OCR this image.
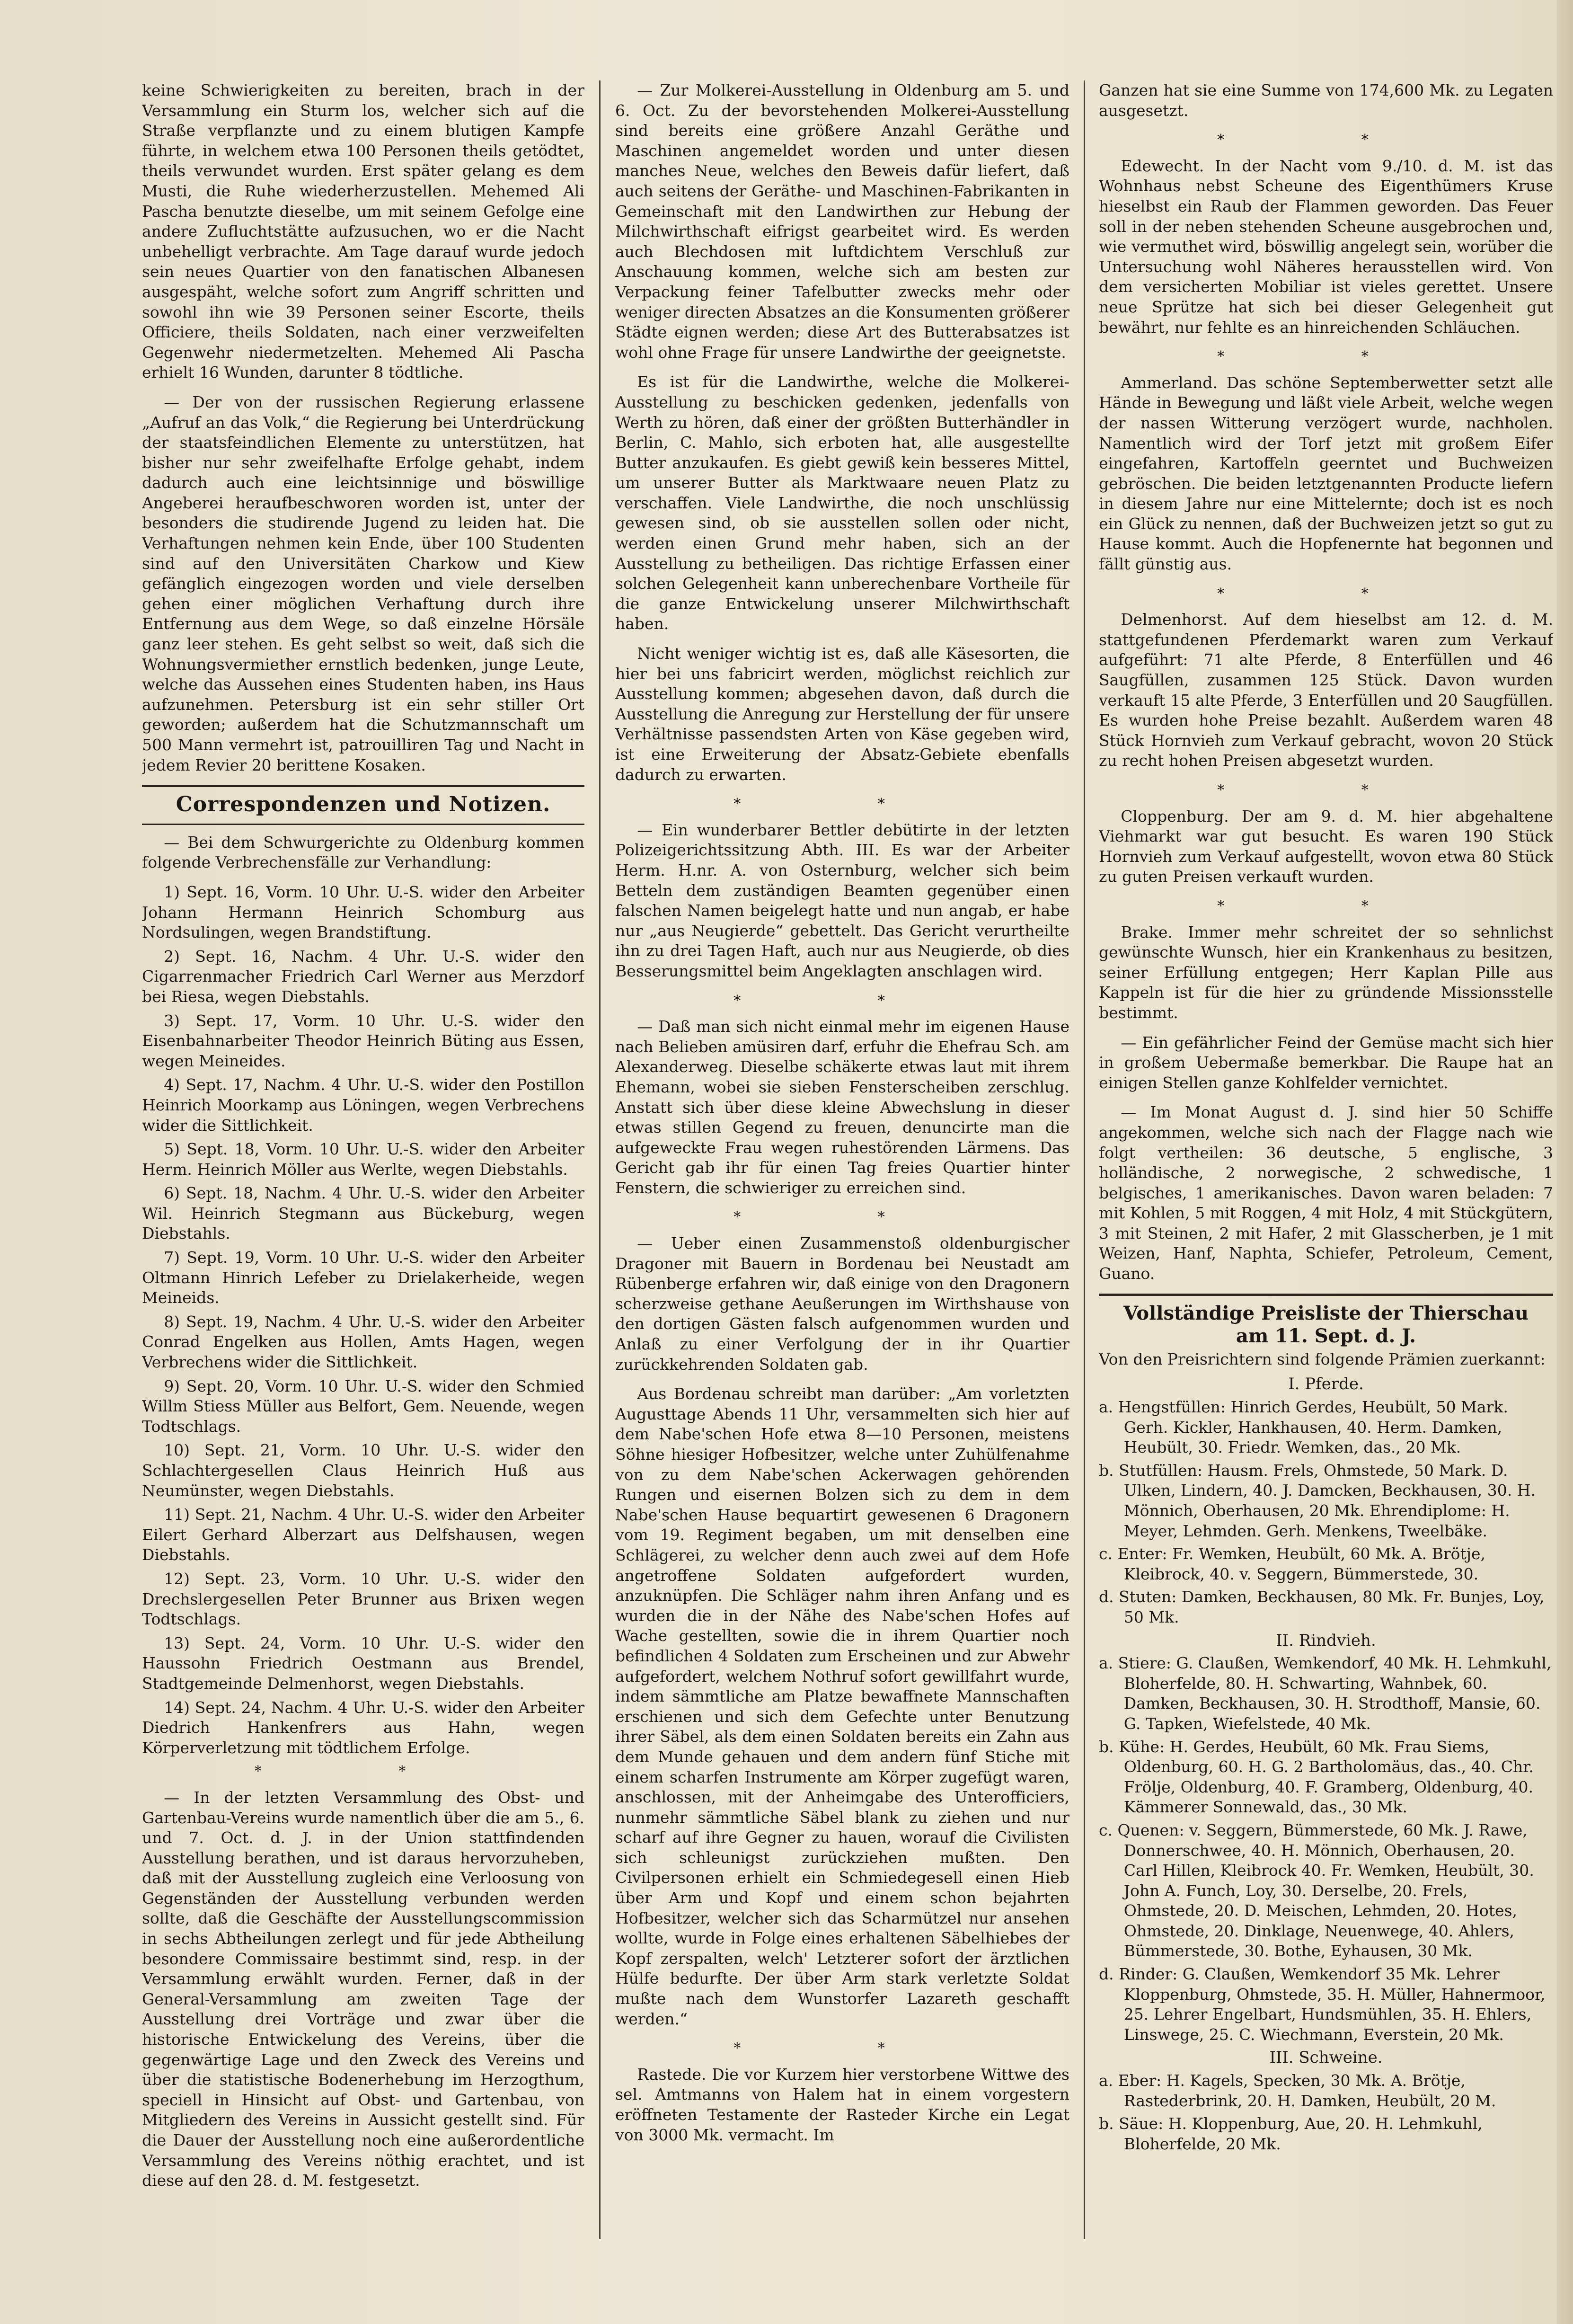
keine Schwierigkeiten zu bereiten, brach in der Versammlung ein Sturm los, welcher sich auf die Straße verpflanzte und zu einem blutigen Kampfe führte, in welchem etwa 100 Personen theils getödtet, theils verwundet wurden. Erst später gelang es dem Musti, die Ruhe wiederherzustellen. Mehemed Ali Pascha benutzte dieselbe, um mit seinem Gefolge eine andere Zufluchtstätte aufzusuchen, wo er die Nacht unbehelligt verbrachte. Am Tage darauf wurde jedoch sein neues Quartier von den fanatischen Albanesen ausgespäht, welche sofort zum Angriff schritten und sowohl ihn wie 39 Personen seiner Escorte, theils Officiere, theils Soldaten, nach einer verzweifelten Gegenwehr niedermetzelten. Mehemed Ali Pascha erhielt 16 Wunden, darunter 8 tödtliche.

— Der von der russischen Regierung erlassene „Aufruf an das Volk,“ die Regierung bei Unterdrückung der staatsfeindlichen Elemente zu unterstützen, hat bisher nur sehr zweifelhafte Erfolge gehabt, indem dadurch auch eine leichtsinnige und böswillige Angeberei heraufbeschworen worden ist, unter der besonders die studirende Jugend zu leiden hat. Die Verhaftungen nehmen kein Ende, über 100 Studenten sind auf den Universitäten Charkow und Kiew gefänglich eingezogen worden und viele derselben gehen einer möglichen Verhaftung durch ihre Entfernung aus dem Wege, so daß einzelne Hörsäle ganz leer stehen. Es geht selbst so weit, daß sich die Wohnungsvermiether ernstlich bedenken, junge Leute, welche das Aussehen eines Studenten haben, ins Haus aufzunehmen. Petersburg ist ein sehr stiller Ort geworden; außerdem hat die Schutzmannschaft um 500 Mann vermehrt ist, patrouilliren Tag und Nacht in jedem Revier 20 berittene Kosaken.

Correspondenzen und Notizen.

— Bei dem Schwurgerichte zu Oldenburg kommen folgende Verbrechensfälle zur Verhandlung:

1) Sept. 16, Vorm. 10 Uhr. U.-S. wider den Arbeiter Johann Hermann Heinrich Schomburg aus Nordsulingen, wegen Brandstiftung.

2) Sept. 16, Nachm. 4 Uhr. U.-S. wider den Cigarrenmacher Friedrich Carl Werner aus Merzdorf bei Riesa, wegen Diebstahls.

3) Sept. 17, Vorm. 10 Uhr. U.-S. wider den Eisenbahnarbeiter Theodor Heinrich Büting aus Essen, wegen Meineides.

4) Sept. 17, Nachm. 4 Uhr. U.-S. wider den Postillon Heinrich Moorkamp aus Löningen, wegen Verbrechens wider die Sittlichkeit.

5) Sept. 18, Vorm. 10 Uhr. U.-S. wider den Arbeiter Herm. Heinrich Möller aus Werlte, wegen Diebstahls.

6) Sept. 18, Nachm. 4 Uhr. U.-S. wider den Arbeiter Wil. Heinrich Stegmann aus Bückeburg, wegen Diebstahls.

7) Sept. 19, Vorm. 10 Uhr. U.-S. wider den Arbeiter Oltmann Hinrich Lefeber zu Drielakerheide, wegen Meineids.

8) Sept. 19, Nachm. 4 Uhr. U.-S. wider den Arbeiter Conrad Engelken aus Hollen, Amts Hagen, wegen Verbrechens wider die Sittlichkeit.

9) Sept. 20, Vorm. 10 Uhr. U.-S. wider den Schmied Willm Stiess Müller aus Belfort, Gem. Neuende, wegen Todtschlags.

10) Sept. 21, Vorm. 10 Uhr. U.-S. wider den Schlachtergesellen Claus Heinrich Huß aus Neumünster, wegen Diebstahls.

11) Sept. 21, Nachm. 4 Uhr. U.-S. wider den Arbeiter Eilert Gerhard Alberzart aus Delfshausen, wegen Diebstahls.

12) Sept. 23, Vorm. 10 Uhr. U.-S. wider den Drechslergesellen Peter Brunner aus Brixen wegen Todtschlags.

13) Sept. 24, Vorm. 10 Uhr. U.-S. wider den Haussohn Friedrich Oestmann aus Brendel, Stadtgemeinde Delmenhorst, wegen Diebstahls.

14) Sept. 24, Nachm. 4 Uhr. U.-S. wider den Arbeiter Diedrich Hankenfrers aus Hahn, wegen Körperverletzung mit tödtlichem Erfolge.

* *

— In der letzten Versammlung des Obst- und Gartenbau-Vereins wurde namentlich über die am 5., 6. und 7. Oct. d. J. in der Union stattfindenden Ausstellung berathen, und ist daraus hervorzuheben, daß mit der Ausstellung zugleich eine Verloosung von Gegenständen der Ausstellung verbunden werden sollte, daß die Geschäfte der Ausstellungscommission in sechs Abtheilungen zerlegt und für jede Abtheilung besondere Commissaire bestimmt sind, resp. in der Versammlung erwählt wurden. Ferner, daß in der General-Versammlung am zweiten Tage der Ausstellung drei Vorträge und zwar über die historische Entwickelung des Vereins, über die gegenwärtige Lage und den Zweck des Vereins und über die statistische Bodenerhebung im Herzogthum, speciell in Hinsicht auf Obst- und Gartenbau, von Mitgliedern des Vereins in Aussicht gestellt sind. Für die Dauer der Ausstellung noch eine außerordentliche Versammlung des Vereins nöthig erachtet, und ist diese auf den 28. d. M. festgesetzt.

— Zur Molkerei-Ausstellung in Oldenburg am 5. und 6. Oct. Zu der bevorstehenden Molkerei-Ausstellung sind bereits eine größere Anzahl Geräthe und Maschinen angemeldet worden und unter diesen manches Neue, welches den Beweis dafür liefert, daß auch seitens der Geräthe- und Maschinen-Fabrikanten in Gemeinschaft mit den Landwirthen zur Hebung der Milchwirthschaft eifrigst gearbeitet wird. Es werden auch Blechdosen mit luftdichtem Verschluß zur Anschauung kommen, welche sich am besten zur Verpackung feiner Tafelbutter zwecks mehr oder weniger directen Absatzes an die Konsumenten größerer Städte eignen werden; diese Art des Butterabsatzes ist wohl ohne Frage für unsere Landwirthe der geeignetste.

Es ist für die Landwirthe, welche die Molkerei-Ausstellung zu beschicken gedenken, jedenfalls von Werth zu hören, daß einer der größten Butterhändler in Berlin, C. Mahlo, sich erboten hat, alle ausgestellte Butter anzukaufen. Es giebt gewiß kein besseres Mittel, um unserer Butter als Marktwaare neuen Platz zu verschaffen. Viele Landwirthe, die noch unschlüssig gewesen sind, ob sie ausstellen sollen oder nicht, werden einen Grund mehr haben, sich an der Ausstellung zu betheiligen. Das richtige Erfassen einer solchen Gelegenheit kann unberechenbare Vortheile für die ganze Entwickelung unserer Milchwirthschaft haben.

Nicht weniger wichtig ist es, daß alle Käsesorten, die hier bei uns fabricirt werden, möglichst reichlich zur Ausstellung kommen; abgesehen davon, daß durch die Ausstellung die Anregung zur Herstellung der für unsere Verhältnisse passendsten Arten von Käse gegeben wird, ist eine Erweiterung der Absatz-Gebiete ebenfalls dadurch zu erwarten.

* *

— Ein wunderbarer Bettler debütirte in der letzten Polizeigerichtssitzung Abth. III. Es war der Arbeiter Herm. H.nr. A. von Osternburg, welcher sich beim Betteln dem zuständigen Beamten gegenüber einen falschen Namen beigelegt hatte und nun angab, er habe nur „aus Neugierde“ gebettelt. Das Gericht verurtheilte ihn zu drei Tagen Haft, auch nur aus Neugierde, ob dies Besserungsmittel beim Angeklagten anschlagen wird.

* *

— Daß man sich nicht einmal mehr im eigenen Hause nach Belieben amüsiren darf, erfuhr die Ehefrau Sch. am Alexanderweg. Dieselbe schäkerte etwas laut mit ihrem Ehemann, wobei sie sieben Fensterscheiben zerschlug. Anstatt sich über diese kleine Abwechslung in dieser etwas stillen Gegend zu freuen, denuncirte man die aufgeweckte Frau wegen ruhestörenden Lärmens. Das Gericht gab ihr für einen Tag freies Quartier hinter Fenstern, die schwieriger zu erreichen sind.

* *

— Ueber einen Zusammenstoß oldenburgischer Dragoner mit Bauern in Bordenau bei Neustadt am Rübenberge erfahren wir, daß einige von den Dragonern scherzweise gethane Aeußerungen im Wirthshause von den dortigen Gästen falsch aufgenommen wurden und Anlaß zu einer Verfolgung der in ihr Quartier zurückkehrenden Soldaten gab.

Aus Bordenau schreibt man darüber: „Am vorletzten Augusttage Abends 11 Uhr, versammelten sich hier auf dem Nabe'schen Hofe etwa 8—10 Personen, meistens Söhne hiesiger Hofbesitzer, welche unter Zuhülfenahme von zu dem Nabe'schen Ackerwagen gehörenden Rungen und eisernen Bolzen sich zu dem in dem Nabe'schen Hause bequartirt gewesenen 6 Dragonern vom 19. Regiment begaben, um mit denselben eine Schlägerei, zu welcher denn auch zwei auf dem Hofe angetroffene Soldaten aufgefordert wurden, anzuknüpfen. Die Schläger nahm ihren Anfang und es wurden die in der Nähe des Nabe'schen Hofes auf Wache gestellten, sowie die in ihrem Quartier noch befindlichen 4 Soldaten zum Erscheinen und zur Abwehr aufgefordert, welchem Nothruf sofort gewillfahrt wurde, indem sämmtliche am Platze bewaffnete Mannschaften erschienen und sich dem Gefechte unter Benutzung ihrer Säbel, als dem einen Soldaten bereits ein Zahn aus dem Munde gehauen und dem andern fünf Stiche mit einem scharfen Instrumente am Körper zugefügt waren, anschlossen, mit der Anheimgabe des Unterofficiers, nunmehr sämmtliche Säbel blank zu ziehen und nur scharf auf ihre Gegner zu hauen, worauf die Civilisten sich schleunigst zurückziehen mußten. Den Civilpersonen erhielt ein Schmiedegesell einen Hieb über Arm und Kopf und einem schon bejahrten Hofbesitzer, welcher sich das Scharmützel nur ansehen wollte, wurde in Folge eines erhaltenen Säbelhiebes der Kopf zerspalten, welch' Letzterer sofort der ärztlichen Hülfe bedurfte. Der über Arm stark verletzte Soldat mußte nach dem Wunstorfer Lazareth geschafft werden.“

* *

Rastede. Die vor Kurzem hier verstorbene Wittwe des sel. Amtmanns von Halem hat in einem vorgestern eröffneten Testamente der Rasteder Kirche ein Legat von 3000 Mk. vermacht. Im

Ganzen hat sie eine Summe von 174,600 Mk. zu Legaten ausgesetzt.

* *

Edewecht. In der Nacht vom 9./10. d. M. ist das Wohnhaus nebst Scheune des Eigenthümers Kruse hieselbst ein Raub der Flammen geworden. Das Feuer soll in der neben stehenden Scheune ausgebrochen und, wie vermuthet wird, böswillig angelegt sein, worüber die Untersuchung wohl Näheres herausstellen wird. Von dem versicherten Mobiliar ist vieles gerettet. Unsere neue Sprütze hat sich bei dieser Gelegenheit gut bewährt, nur fehlte es an hinreichenden Schläuchen.

* *

Ammerland. Das schöne Septemberwetter setzt alle Hände in Bewegung und läßt viele Arbeit, welche wegen der nassen Witterung verzögert wurde, nachholen. Namentlich wird der Torf jetzt mit großem Eifer eingefahren, Kartoffeln geerntet und Buchweizen gebröschen. Die beiden letztgenannten Producte liefern in diesem Jahre nur eine Mittelernte; doch ist es noch ein Glück zu nennen, daß der Buchweizen jetzt so gut zu Hause kommt. Auch die Hopfenernte hat begonnen und fällt günstig aus.

* *

Delmenhorst. Auf dem hieselbst am 12. d. M. stattgefundenen Pferdemarkt waren zum Verkauf aufgeführt: 71 alte Pferde, 8 Enterfüllen und 46 Saugfüllen, zusammen 125 Stück. Davon wurden verkauft 15 alte Pferde, 3 Enterfüllen und 20 Saugfüllen. Es wurden hohe Preise bezahlt. Außerdem waren 48 Stück Hornvieh zum Verkauf gebracht, wovon 20 Stück zu recht hohen Preisen abgesetzt wurden.

* *

Cloppenburg. Der am 9. d. M. hier abgehaltene Viehmarkt war gut besucht. Es waren 190 Stück Hornvieh zum Verkauf aufgestellt, wovon etwa 80 Stück zu guten Preisen verkauft wurden.

* *

Brake. Immer mehr schreitet der so sehnlichst gewünschte Wunsch, hier ein Krankenhaus zu besitzen, seiner Erfüllung entgegen; Herr Kaplan Pille aus Kappeln ist für die hier zu gründende Missionsstelle bestimmt.

— Ein gefährlicher Feind der Gemüse macht sich hier in großem Uebermaße bemerkbar. Die Raupe hat an einigen Stellen ganze Kohlfelder vernichtet.

— Im Monat August d. J. sind hier 50 Schiffe angekommen, welche sich nach der Flagge nach wie folgt vertheilen: 36 deutsche, 5 englische, 3 holländische, 2 norwegische, 2 schwedische, 1 belgisches, 1 amerikanisches. Davon waren beladen: 7 mit Kohlen, 5 mit Roggen, 4 mit Holz, 4 mit Stückgütern, 3 mit Steinen, 2 mit Hafer, 2 mit Glasscherben, je 1 mit Weizen, Hanf, Naphta, Schiefer, Petroleum, Cement, Guano.

Vollständige Preisliste der Thierschau
am 11. Sept. d. J.

Von den Preisrichtern sind folgende Prämien zuerkannt:

I. Pferde.

a. Hengstfüllen: Hinrich Gerdes, Heubült, 50 Mark. Gerh. Kickler, Hankhausen, 40. Herm. Damken, Heubült, 30. Friedr. Wemken, das., 20 Mk.

b. Stutfüllen: Hausm. Frels, Ohmstede, 50 Mark. D. Ulken, Lindern, 40. J. Damcken, Beckhausen, 30. H. Mönnich, Oberhausen, 20 Mk. Ehrendiplome: H. Meyer, Lehmden. Gerh. Menkens, Tweelbäke.

c. Enter: Fr. Wemken, Heubült, 60 Mk. A. Brötje, Kleibrock, 40. v. Seggern, Bümmerstede, 30.

d. Stuten: Damken, Beckhausen, 80 Mk. Fr. Bunjes, Loy, 50 Mk.

II. Rindvieh.

a. Stiere: G. Claußen, Wemkendorf, 40 Mk. H. Lehmkuhl, Bloherfelde, 80. H. Schwarting, Wahnbek, 60. Damken, Beckhausen, 30. H. Strodthoff, Mansie, 60. G. Tapken, Wiefelstede, 40 Mk.

b. Kühe: H. Gerdes, Heubült, 60 Mk. Frau Siems, Oldenburg, 60. H. G. 2 Bartholomäus, das., 40. Chr. Frölje, Oldenburg, 40. F. Gramberg, Oldenburg, 40. Kämmerer Sonnewald, das., 30 Mk.

c. Quenen: v. Seggern, Bümmerstede, 60 Mk. J. Rawe, Donnerschwee, 40. H. Mönnich, Oberhausen, 20. Carl Hillen, Kleibrock 40. Fr. Wemken, Heubült, 30. John A. Funch, Loy, 30. Derselbe, 20. Frels, Ohmstede, 20. D. Meischen, Lehmden, 20. Hotes, Ohmstede, 20. Dinklage, Neuenwege, 40. Ahlers, Bümmerstede, 30. Bothe, Eyhausen, 30 Mk.

d. Rinder: G. Claußen, Wemkendorf 35 Mk. Lehrer Kloppenburg, Ohmstede, 35. H. Müller, Hahnermoor, 25. Lehrer Engelbart, Hundsmühlen, 35. H. Ehlers, Linswege, 25. C. Wiechmann, Everstein, 20 Mk.

III. Schweine.

a. Eber: H. Kagels, Specken, 30 Mk. A. Brötje, Rastederbrink, 20. H. Damken, Heubült, 20 M.

b. Säue: H. Kloppenburg, Aue, 20. H. Lehmkuhl, Bloherfelde, 20 Mk.
